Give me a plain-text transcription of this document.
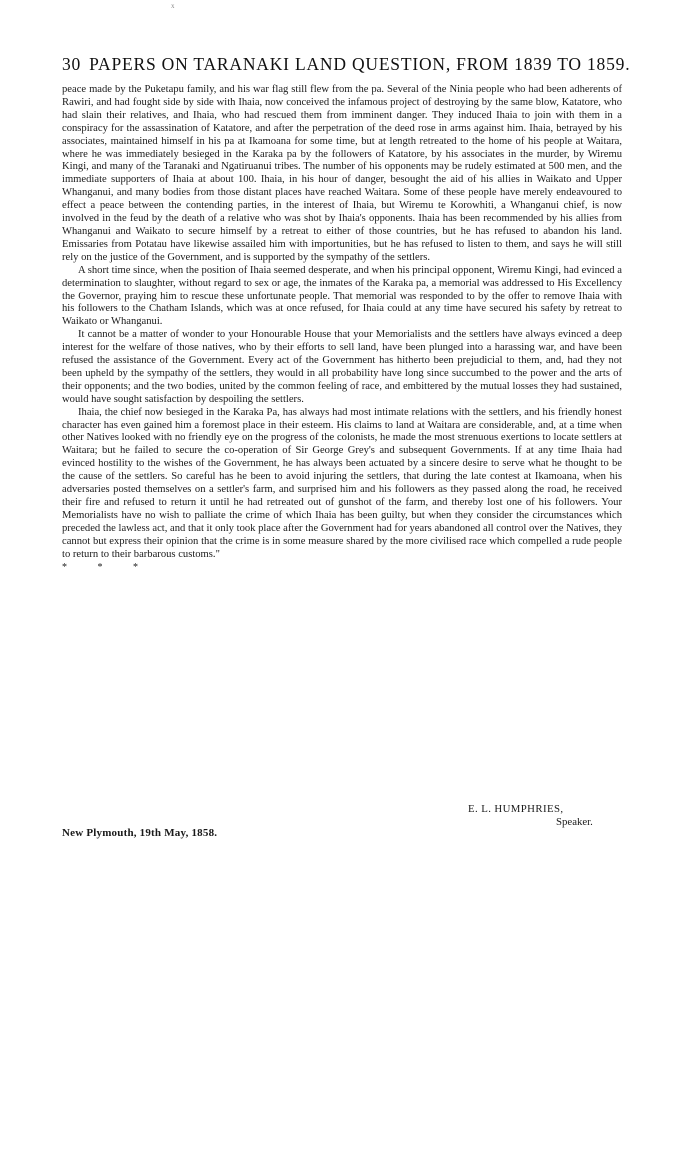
x
30 PAPERS ON TARANAKI LAND QUESTION, FROM 1839 TO 1859.

peace made by the Puketapu family, and his war flag still flew from the pa. Several of the Ninia people who had been adherents of Rawiri, and had fought side by side with Ihaia, now conceived the infamous project of destroying by the same blow, Katatore, who had slain their relatives, and Ihaia, who had rescued them from imminent danger. They induced Ihaia to join with them in a conspiracy for the assassination of Katatore, and after the perpetration of the deed rose in arms against him. Ihaia, betrayed by his associates, maintained himself in his pa at Ikamoana for some time, but at length retreated to the home of his people at Waitara, where he was immediately besieged in the Karaka pa by the followers of Katatore, by his associates in the murder, by Wiremu Kingi, and many of the Taranaki and Ngatiruanui tribes. The number of his opponents may be rudely estimated at 500 men, and the immediate supporters of Ihaia at about 100. Ihaia, in his hour of danger, besought the aid of his allies in Waikato and Upper Whanganui, and many bodies from those distant places have reached Waitara. Some of these people have merely endeavoured to effect a peace between the contending parties, in the interest of Ihaia, but Wiremu te Korowhiti, a Whanganui chief, is now involved in the feud by the death of a relative who was shot by Ihaia's opponents. Ihaia has been recommended by his allies from Whanganui and Waikato to secure himself by a retreat to either of those countries, but he has refused to abandon his land. Emissaries from Potatau have likewise assailed him with importunities, but he has refused to listen to them, and says he will still rely on the justice of the Government, and is supported by the sympathy of the settlers.

A short time since, when the position of Ihaia seemed desperate, and when his principal opponent, Wiremu Kingi, had evinced a determination to slaughter, without regard to sex or age, the inmates of the Karaka pa, a memorial was addressed to His Excellency the Governor, praying him to rescue these unfortunate people. That memorial was responded to by the offer to remove Ihaia with his followers to the Chatham Islands, which was at once refused, for Ihaia could at any time have secured his safety by retreat to Waikato or Whanganui.

It cannot be a matter of wonder to your Honourable House that your Memorialists and the settlers have always evinced a deep interest for the welfare of those natives, who by their efforts to sell land, have been plunged into a harassing war, and have been refused the assistance of the Government. Every act of the Government has hitherto been prejudicial to them, and, had they not been upheld by the sympathy of the settlers, they would in all probability have long since succumbed to the power and the arts of their opponents; and the two bodies, united by the common feeling of race, and embittered by the mutual losses they had sustained, would have sought satisfaction by despoiling the settlers.

Ihaia, the chief now besieged in the Karaka Pa, has always had most intimate relations with the settlers, and his friendly honest character has even gained him a foremost place in their esteem. His claims to land at Waitara are considerable, and, at a time when other Natives looked with no friendly eye on the progress of the colonists, he made the most strenuous exertions to locate settlers at Waitara; but he failed to secure the co-operation of Sir George Grey's and subsequent Governments. If at any time Ihaia had evinced hostility to the wishes of the Government, he has always been actuated by a sincere desire to serve what he thought to be the cause of the settlers. So careful has he been to avoid injuring the settlers, that during the late contest at Ikamoana, when his adversaries posted themselves on a settler's farm, and surprised him and his followers as they passed along the road, he received their fire and refused to return it until he had retreated out of gunshot of the farm, and thereby lost one of his followers. Your Memorialists have no wish to palliate the crime of which Ihaia has been guilty, but when they consider the circumstances which preceded the lawless act, and that it only took place after the Government had for years abandoned all control over the Natives, they cannot but express their opinion that the crime is in some measure shared by the more civilised race which compelled a rude people to return to their barbarous customs."

* * *

E. L. HUMPHRIES,
Speaker.
New Plymouth, 19th May, 1858.
